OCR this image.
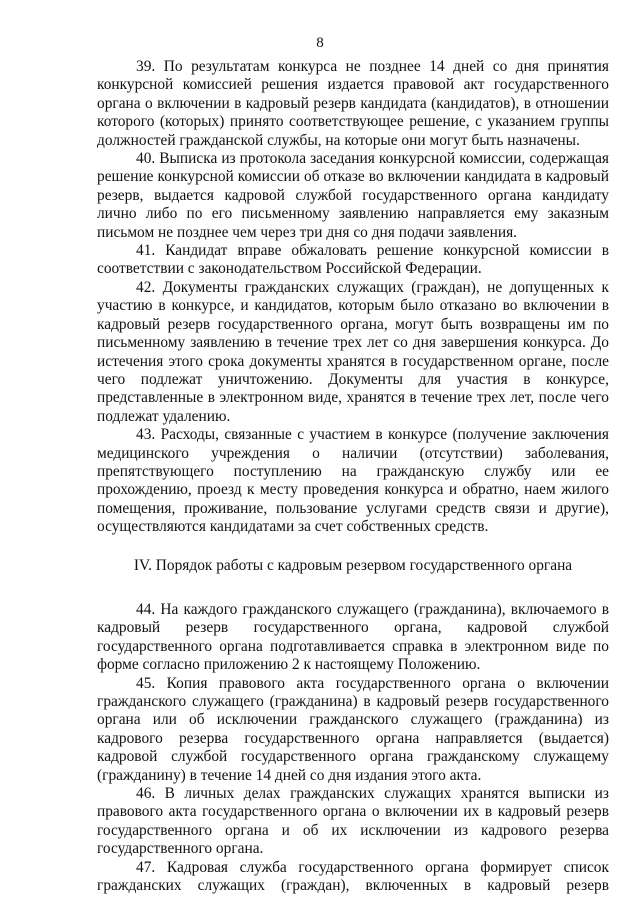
8

39. По результатам конкурса не позднее 14 дней со дня принятия конкурсной комиссией решения издается правовой акт государственного органа о включении в кадровый резерв кандидата (кандидатов), в отношении которого (которых) принято соответствующее решение, с указанием группы должностей гражданской службы, на которые они могут быть назначены.

40. Выписка из протокола заседания конкурсной комиссии, содержащая решение конкурсной комиссии об отказе во включении кандидата в кадровый резерв, выдается кадровой службой государственного органа кандидату лично либо по его письменному заявлению направляется ему заказным письмом не позднее чем через три дня со дня подачи заявления.

41. Кандидат вправе обжаловать решение конкурсной комиссии в соответствии с законодательством Российской Федерации.

42. Документы гражданских служащих (граждан), не допущенных к участию в конкурсе, и кандидатов, которым было отказано во включении в кадровый резерв государственного органа, могут быть возвращены им по письменному заявлению в течение трех лет со дня завершения конкурса. До истечения этого срока документы хранятся в государственном органе, после чего подлежат уничтожению. Документы для участия в конкурсе, представленные в электронном виде, хранятся в течение трех лет, после чего подлежат удалению.

43. Расходы, связанные с участием в конкурсе (получение заключения медицинского учреждения о наличии (отсутствии) заболевания, препятствующего поступлению на гражданскую службу или ее прохождению, проезд к месту проведения конкурса и обратно, наем жилого помещения, проживание, пользование услугами средств связи и другие), осуществляются кандидатами за счет собственных средств.

IV. Порядок работы с кадровым резервом государственного органа

44. На каждого гражданского служащего (гражданина), включаемого в кадровый резерв государственного органа, кадровой службой государственного органа подготавливается справка в электронном виде по форме согласно приложению 2 к настоящему Положению.

45. Копия правового акта государственного органа о включении гражданского служащего (гражданина) в кадровый резерв государственного органа или об исключении гражданского служащего (гражданина) из кадрового резерва государственного органа направляется (выдается) кадровой службой государственного органа гражданскому служащему (гражданину) в течение 14 дней со дня издания этого акта.

46. В личных делах гражданских служащих хранятся выписки из правового акта государственного органа о включении их в кадровый резерв государственного органа и об их исключении из кадрового резерва государственного органа.

47. Кадровая служба государственного органа формирует список гражданских служащих (граждан), включенных в кадровый резерв
